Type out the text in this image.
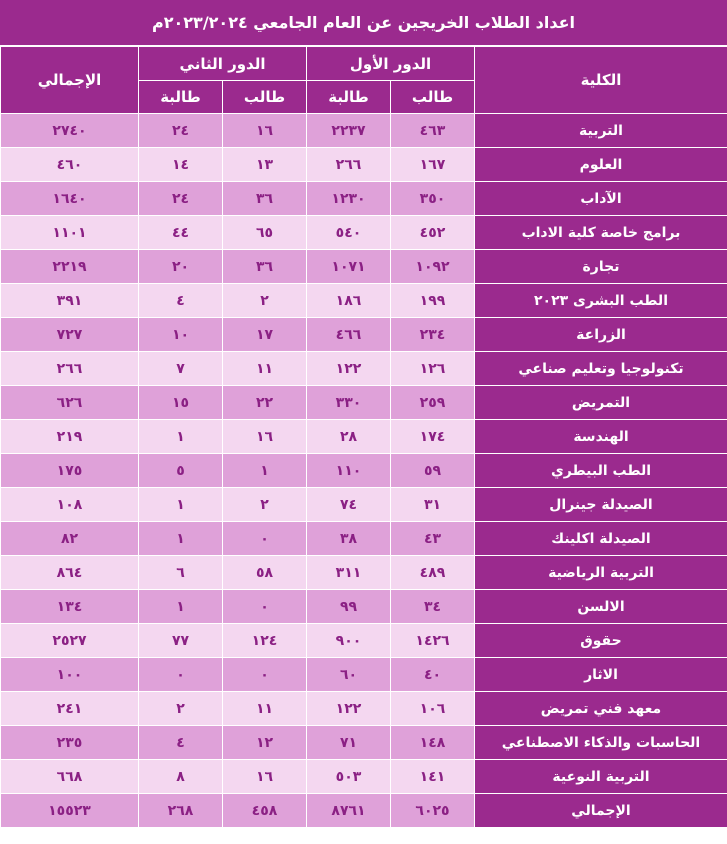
اعداد الطلاب الخريجين عن العام الجامعي ٢٠٢٣/٢٠٢٤م
الكلية	الدور الأول		الدور الثاني		الإجمالي
	طالب	طالبة	طالب	طالبة	
التربية	٤٦٣	٢٢٣٧	١٦	٢٤	٢٧٤٠
العلوم	١٦٧	٢٦٦	١٣	١٤	٤٦٠
الآداب	٣٥٠	١٢٣٠	٣٦	٢٤	١٦٤٠
برامج خاصة كلية الاداب	٤٥٢	٥٤٠	٦٥	٤٤	١١٠١
تجارة	١٠٩٢	١٠٧١	٣٦	٢٠	٢٢١٩
الطب البشرى ٢٠٢٣	١٩٩	١٨٦	٢	٤	٣٩١
الزراعة	٢٣٤	٤٦٦	١٧	١٠	٧٢٧
تكنولوجيا وتعليم صناعي	١٢٦	١٢٢	١١	٧	٢٦٦
التمريض	٢٥٩	٣٣٠	٢٢	١٥	٦٢٦
الهندسة	١٧٤	٢٨	١٦	١	٢١٩
الطب البيطري	٥٩	١١٠	١	٥	١٧٥
الصيدلة جينرال	٣١	٧٤	٢	١	١٠٨
الصيدلة اكلينك	٤٣	٣٨	٠	١	٨٢
التربية الرياضية	٤٨٩	٣١١	٥٨	٦	٨٦٤
الالسن	٣٤	٩٩	٠	١	١٣٤
حقوق	١٤٢٦	٩٠٠	١٢٤	٧٧	٢٥٢٧
الاثار	٤٠	٦٠	٠	٠	١٠٠
معهد فني تمريض	١٠٦	١٢٢	١١	٢	٢٤١
الحاسبات والذكاء الاصطناعي	١٤٨	٧١	١٢	٤	٢٣٥
التربية النوعية	١٤١	٥٠٣	١٦	٨	٦٦٨
الإجمالي	٦٠٢٥	٨٧٦١	٤٥٨	٢٦٨	١٥٥٢٣
